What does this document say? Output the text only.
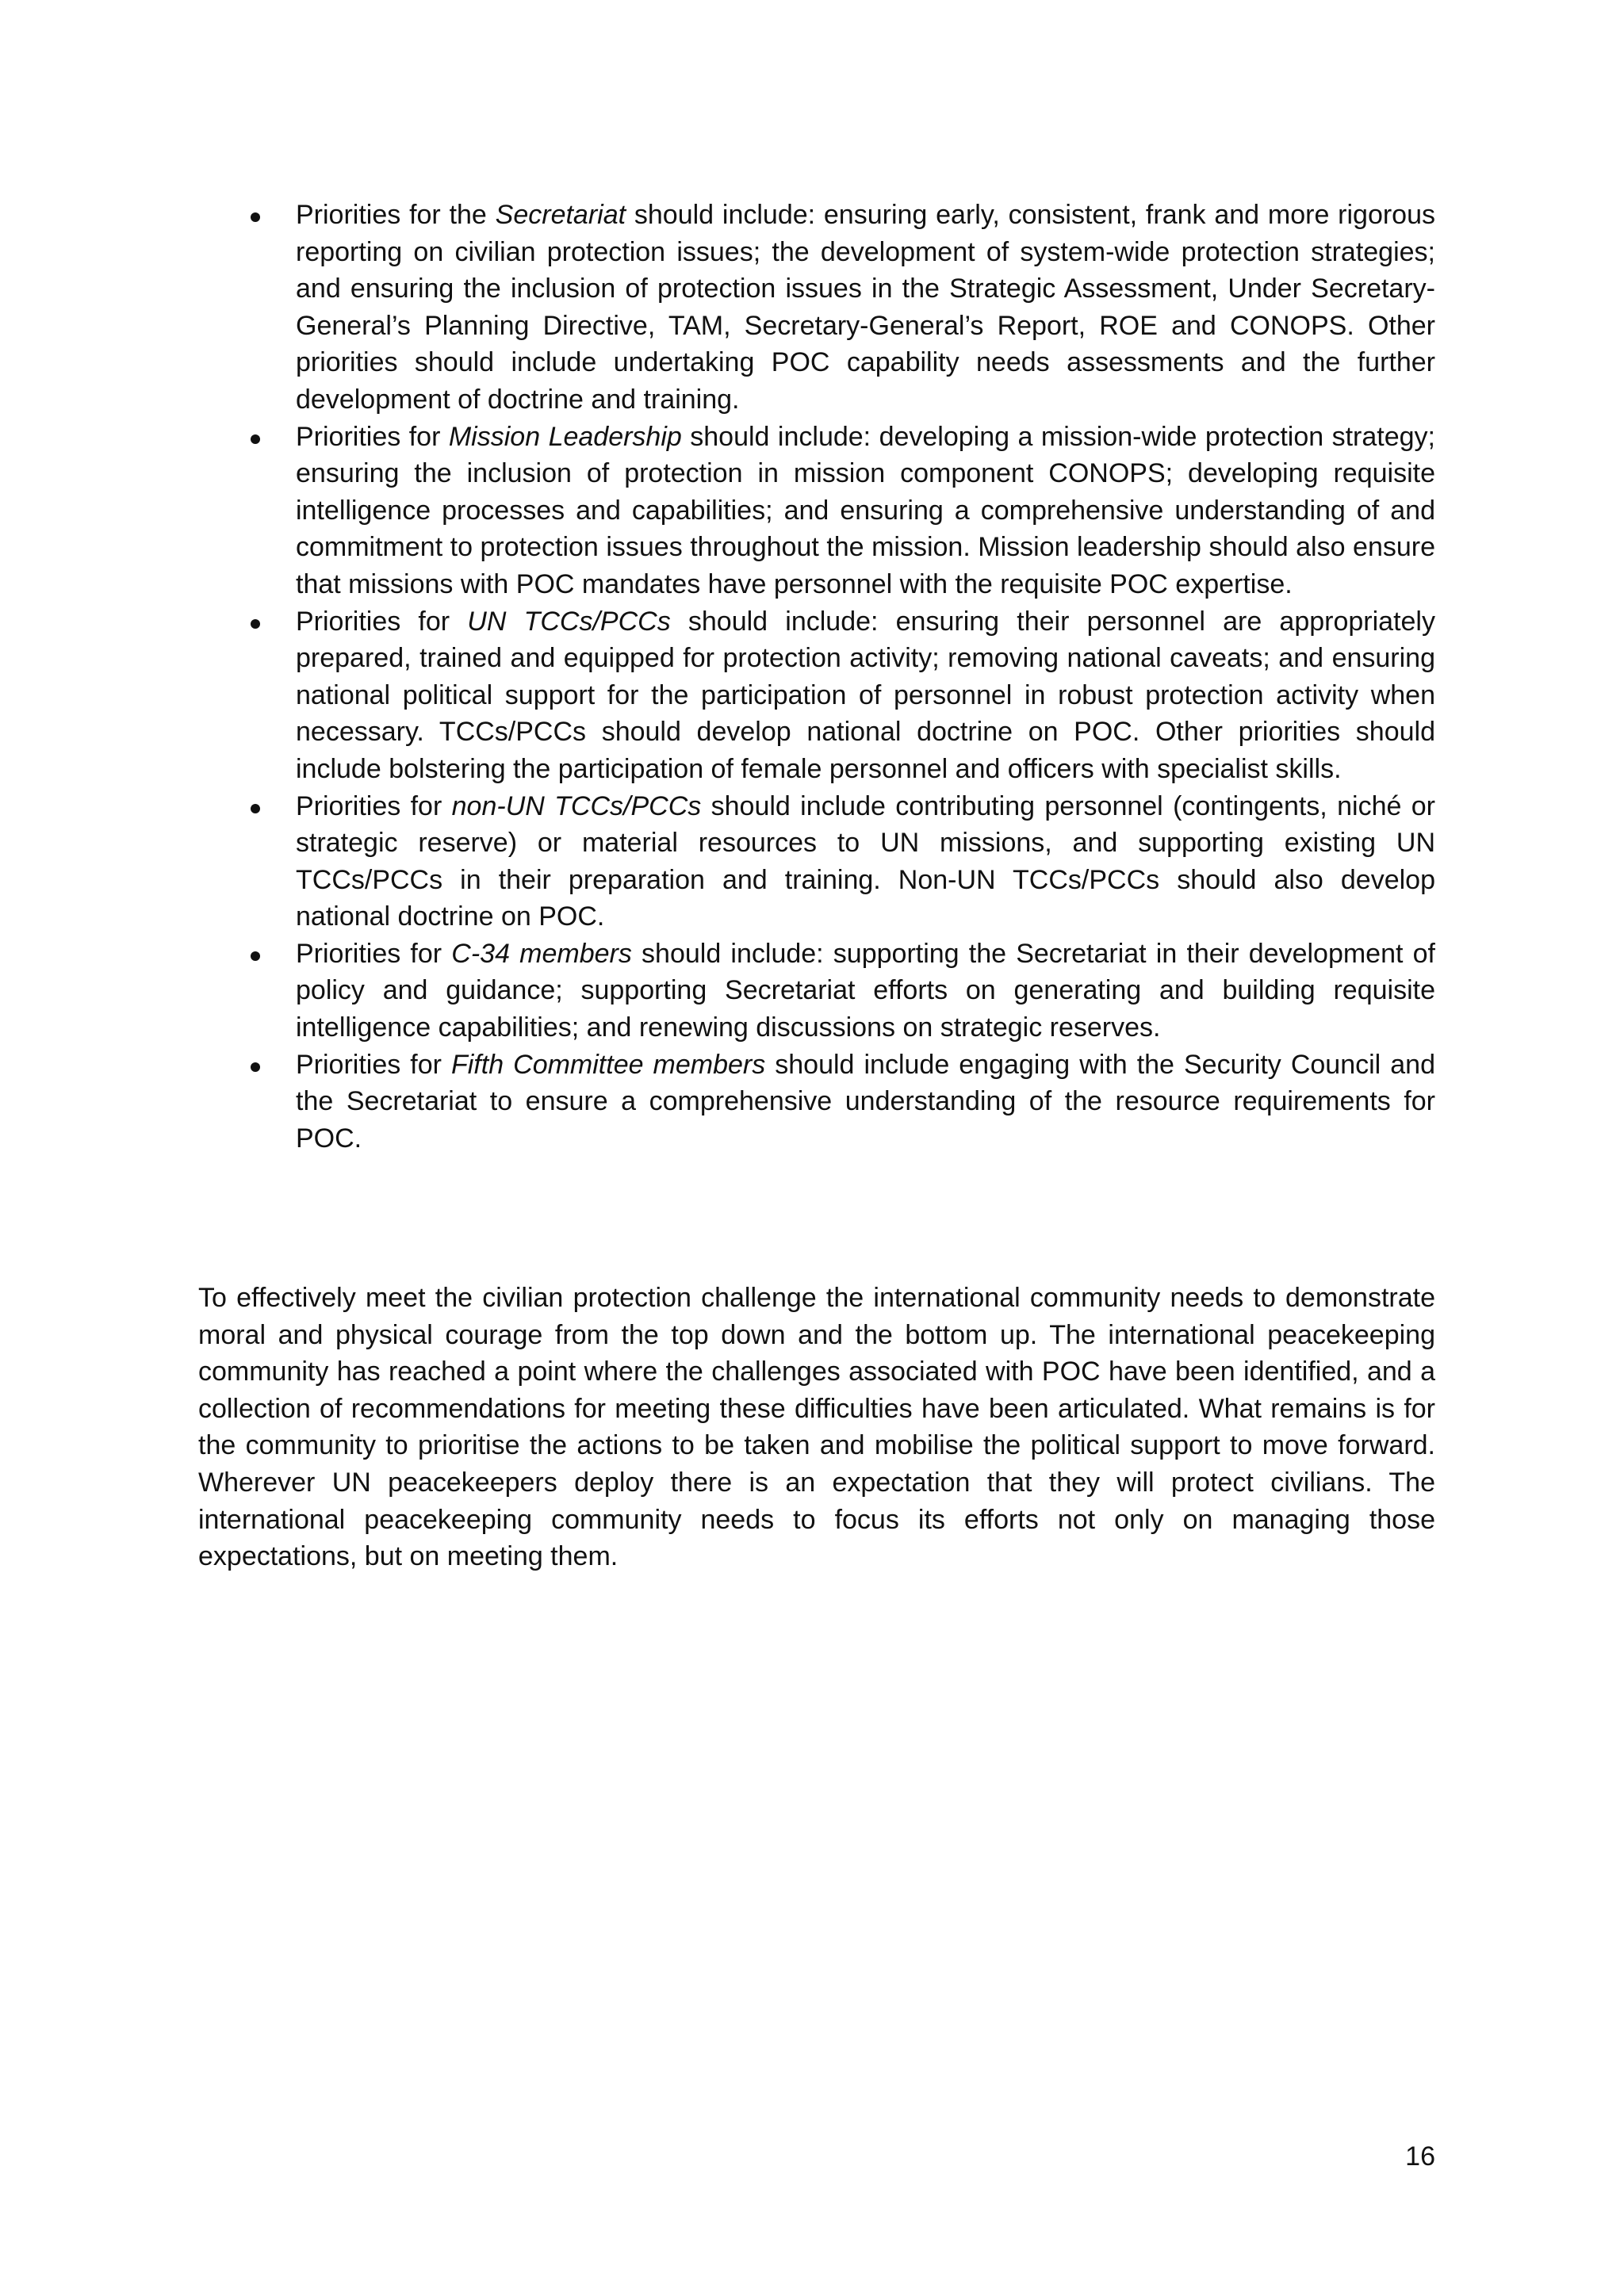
Priorities for the Secretariat should include: ensuring early, consistent, frank and more rigorous reporting on civilian protection issues; the development of system-wide protection strategies; and ensuring the inclusion of protection issues in the Strategic Assessment, Under Secretary-General’s Planning Directive, TAM, Secretary-General’s Report, ROE and CONOPS. Other priorities should include undertaking POC capability needs assessments and the further development of doctrine and training.
Priorities for Mission Leadership should include: developing a mission-wide protection strategy; ensuring the inclusion of protection in mission component CONOPS; developing requisite intelligence processes and capabilities; and ensuring a comprehensive understanding of and commitment to protection issues throughout the mission. Mission leadership should also ensure that missions with POC mandates have personnel with the requisite POC expertise.
Priorities for UN TCCs/PCCs should include: ensuring their personnel are appropriately prepared, trained and equipped for protection activity; removing national caveats; and ensuring national political support for the participation of personnel in robust protection activity when necessary. TCCs/PCCs should develop national doctrine on POC. Other priorities should include bolstering the participation of female personnel and officers with specialist skills.
Priorities for non-UN TCCs/PCCs should include contributing personnel (contingents, niché or strategic reserve) or material resources to UN missions, and supporting existing UN TCCs/PCCs in their preparation and training. Non-UN TCCs/PCCs should also develop national doctrine on POC.
Priorities for C-34 members should include: supporting the Secretariat in their development of policy and guidance; supporting Secretariat efforts on generating and building requisite intelligence capabilities; and renewing discussions on strategic reserves.
Priorities for Fifth Committee members should include engaging with the Security Council and the Secretariat to ensure a comprehensive understanding of the resource requirements for POC.

To effectively meet the civilian protection challenge the international community needs to demonstrate moral and physical courage from the top down and the bottom up. The international peacekeeping community has reached a point where the challenges associated with POC have been identified, and a collection of recommendations for meeting these difficulties have been articulated. What remains is for the community to prioritise the actions to be taken and mobilise the political support to move forward. Wherever UN peacekeepers deploy there is an expectation that they will protect civilians. The international peacekeeping community needs to focus its efforts not only on managing those expectations, but on meeting them.

16
